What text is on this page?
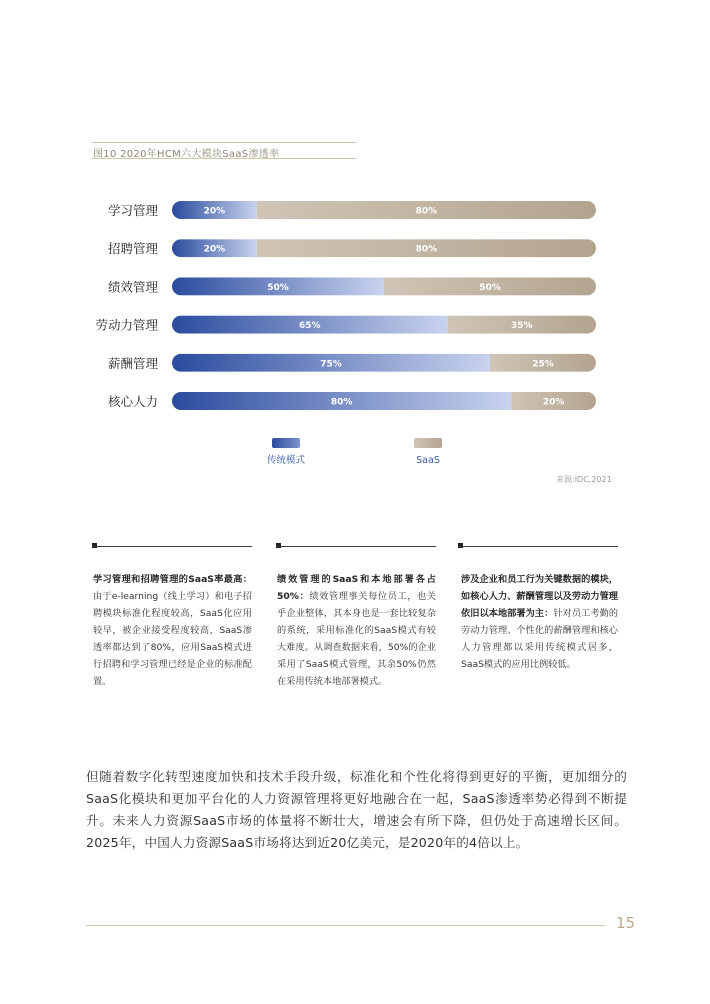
图10 2020年HCM六大模块SaaS渗透率
学习管理	20%	80%
招聘管理	20%	80%
绩效管理	50%	50%
劳动力管理	65%	35%
薪酬管理	75%	25%
核心人力	80%	20%
传统模式	SaaS
来源:IDC,2021
学习管理和招聘管理的SaaS率最高：由于e-learning（线上学习）和电子招聘模块标准化程度较高，SaaS化应用较早，被企业接受程度较高，SaaS渗透率都达到了80%，应用SaaS模式进行招聘和学习管理已经是企业的标准配置。
绩效管理的SaaS和本地部署各占50%：绩效管理事关每位员工，也关乎企业整体，其本身也是一套比较复杂的系统，采用标准化的SaaS模式有较大难度。从调查数据来看，50%的企业采用了SaaS模式管理，其余50%仍然在采用传统本地部署模式。
涉及企业和员工行为关键数据的模块，如核心人力、薪酬管理以及劳动力管理依旧以本地部署为主：针对员工考勤的劳动力管理、个性化的薪酬管理和核心人力管理都以采用传统模式居多，SaaS模式的应用比例较低。
但随着数字化转型速度加快和技术手段升级，标准化和个性化将得到更好的平衡，更加细分的SaaS化模块和更加平台化的人力资源管理将更好地融合在一起，SaaS渗透率势必得到不断提升。未来人力资源SaaS市场的体量将不断壮大，增速会有所下降，但仍处于高速增长区间。2025年，中国人力资源SaaS市场将达到近20亿美元，是2020年的4倍以上。
15
